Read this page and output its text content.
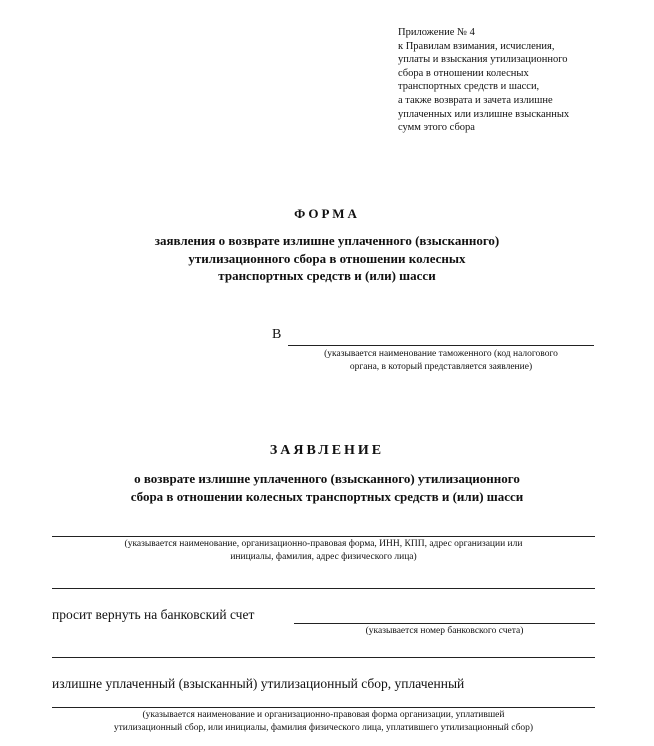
Приложение № 4
к Правилам взимания, исчисления,
уплаты и взыскания утилизационного
сбора в отношении колесных
транспортных средств и шасси,
а также возврата и зачета излишне
уплаченных или излишне взысканных
сумм этого сбора
ФОРМА
заявления о возврате излишне уплаченного (взысканного)
утилизационного сбора в отношении колесных
транспортных средств и (или) шасси
В
(указывается наименование таможенного (код налогового
органа, в который представляется заявление)
ЗАЯВЛЕНИЕ
о возврате излишне уплаченного (взысканного) утилизационного
сбора в отношении колесных транспортных средств и (или) шасси
(указывается наименование, организационно-правовая форма, ИНН, КПП, адрес организации или
инициалы, фамилия, адрес физического лица)
просит вернуть на банковский счет
(указывается номер банковского счета)
излишне уплаченный (взысканный) утилизационный сбор, уплаченный
(указывается наименование и организационно-правовая форма организации, уплатившей
утилизационный сбор, или инициалы, фамилия физического лица, уплатившего утилизационный сбор)
